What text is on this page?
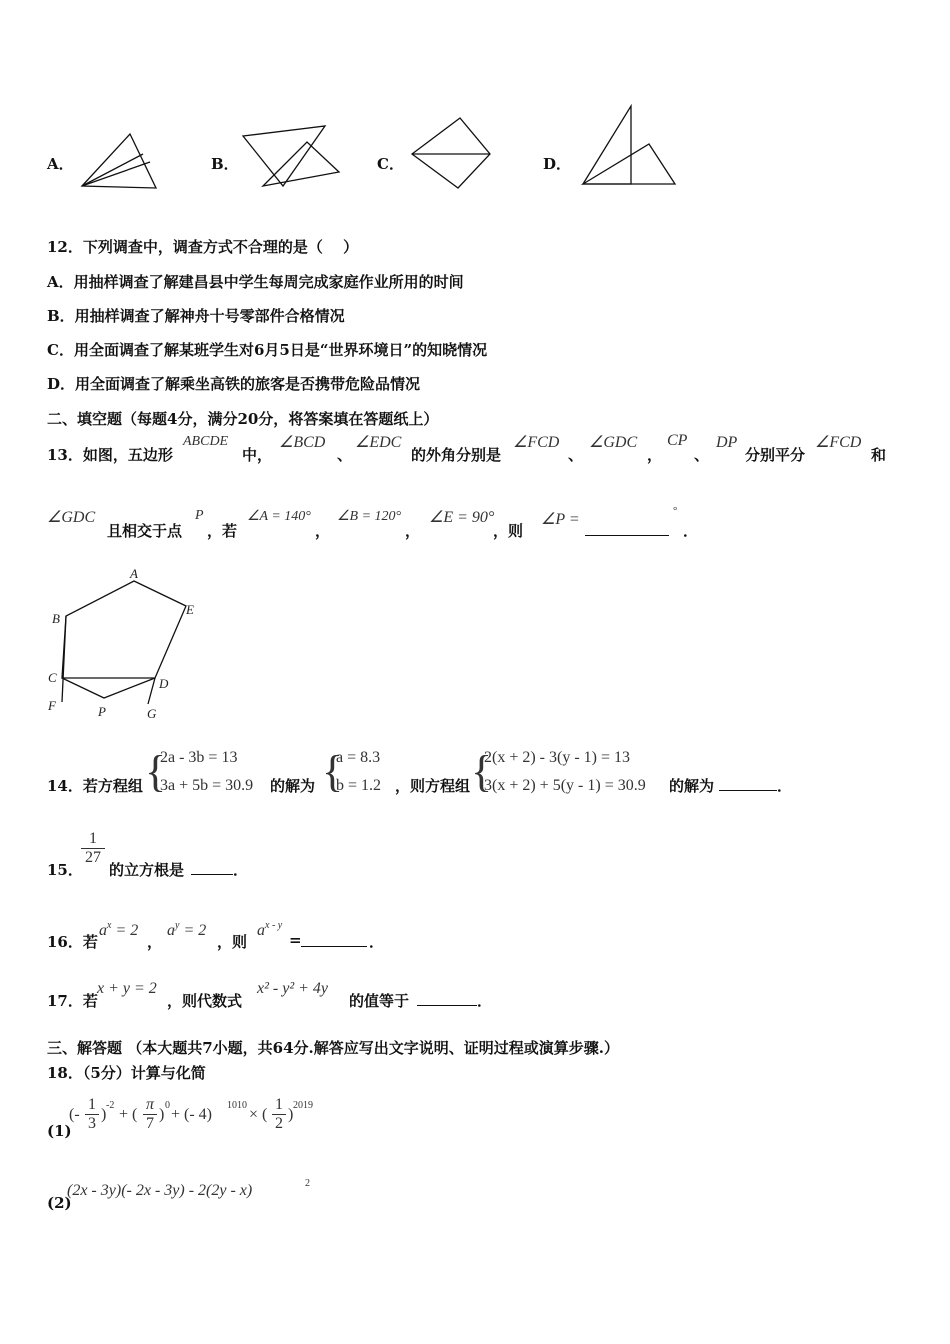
A．	B．	C．	D．
12．下列调查中，调查方式不合理的是（　 ）
A．用抽样调查了解建昌县中学生每周完成家庭作业所用的时间
B．用抽样调查了解神舟十号零部件合格情况
C．用全面调查了解某班学生对6月5日是“世界环境日”的知晓情况
D．用全面调查了解乘坐高铁的旅客是否携带危险品情况
二、填空题（每题4分，满分20分，将答案填在答题纸上）
13．如图，五边形
ABCDE
中，
∠BCD
、
∠EDC
的外角分别是
∠FCD
、
∠GDC
，
CP
、
DP
分别平分
∠FCD
和
∠GDC
且相交于点
P
，若
∠A = 140°
，
∠B = 120°
，
∠E = 90°
，则
∠P =	°
．
A
B
C	D
E
F
G
P
14．若方程组 {
2a - 3b = 13
3a + 5b = 30.9 的解为 {
a = 8.3
b = 1.2 ，则方程组 {
2(x + 2) - 3(y - 1) = 13
3(x + 2) + 5(y - 1) = 30.9 的解为	．
15．
$\frac{1}{27}$
的立方根是	．
16．若
$a^x = 2$
，
$a^y = 2$
，则
$a^{x - y}$
=	．
17．若
x + y = 2
，则代数式
x² - y² + 4y
的值等于	．
三、解答题 （本大题共7小题，共64分.解答应写出文字说明、证明过程或演算步骤.）
18．（5分）计算与化简
(1)
(- $\frac{1}{3}$ )
-2
+ ( $\frac{\pi}{7}$ )
0
+ (- 4)
1010
× ( $\frac{1}{2}$ )
2019
(2)
(2x - 3y)(- 2x - 3y) - 2(2y - x)	2
